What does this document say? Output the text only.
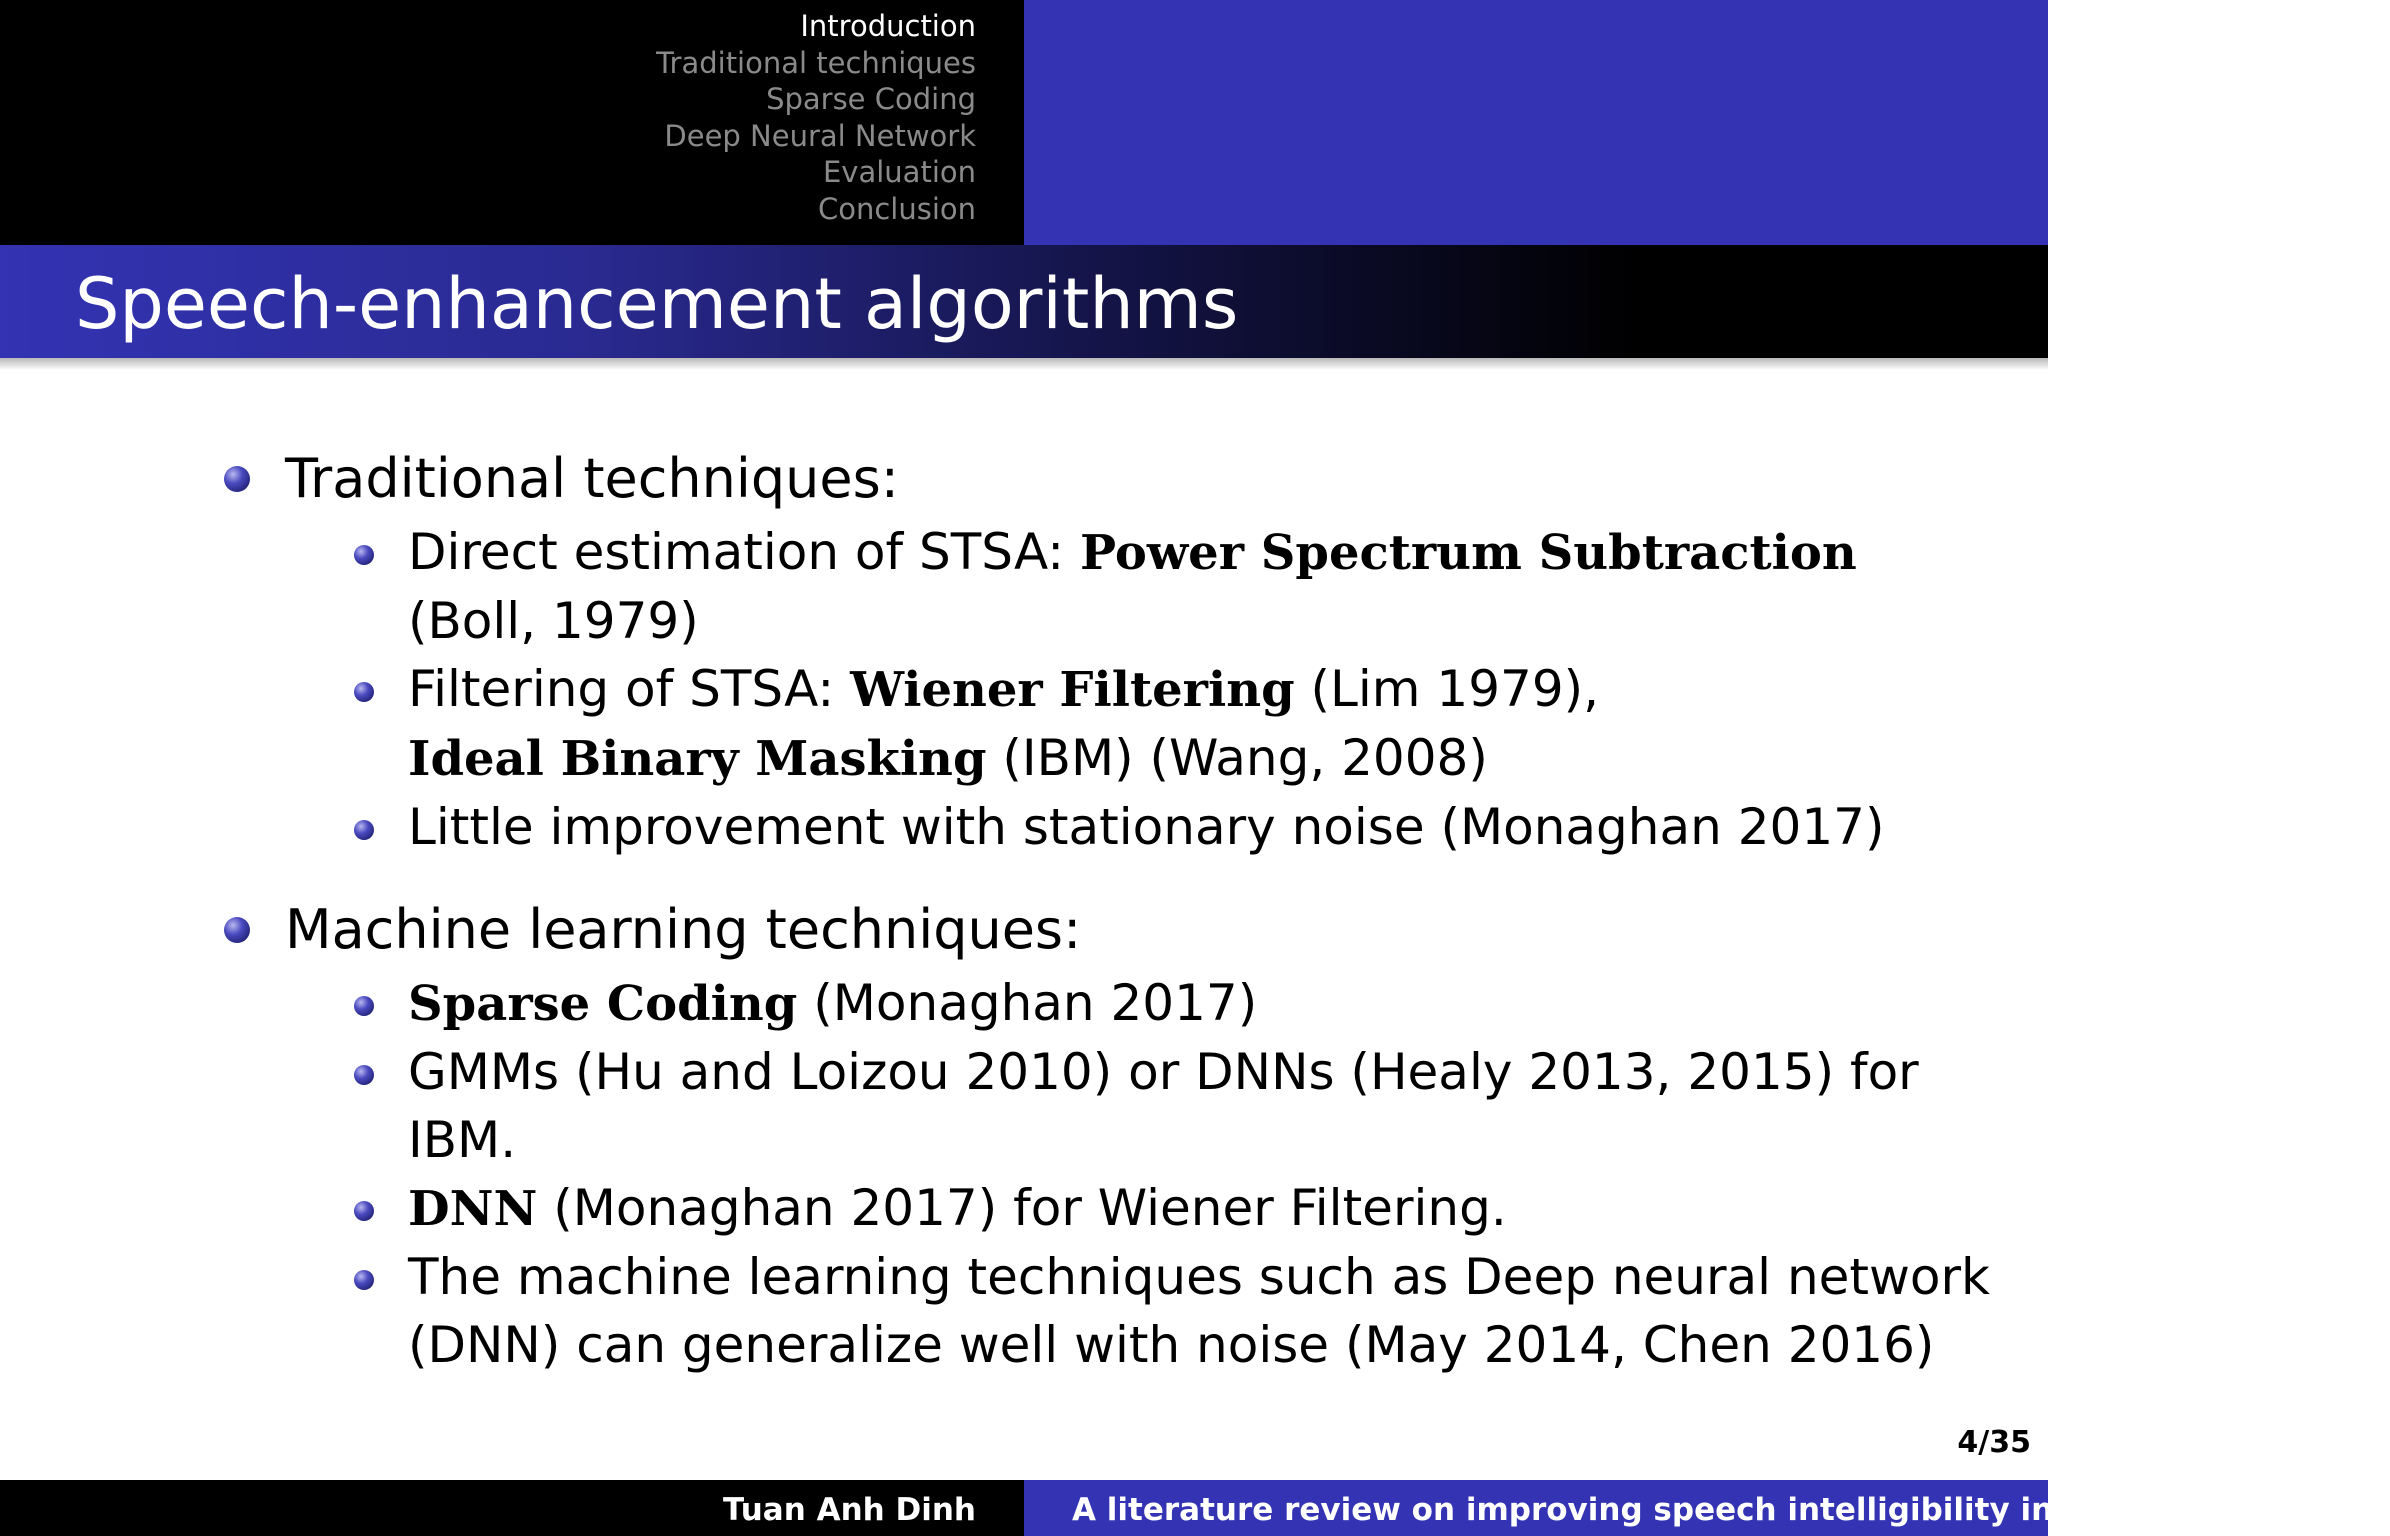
Introduction
Traditional techniques
Sparse Coding
Deep Neural Network
Evaluation
Conclusion
Speech-enhancement algorithms
Traditional techniques:
Direct estimation of STSA: Power Spectrum Subtraction
(Boll, 1979)
Filtering of STSA: Wiener Filtering (Lim 1979),
Ideal Binary Masking (IBM) (Wang, 2008)
Little improvement with stationary noise (Monaghan 2017)
Machine learning techniques:
Sparse Coding (Monaghan 2017)
GMMs (Hu and Loizou 2010) or DNNs (Healy 2013, 2015) for
IBM.
DNN (Monaghan 2017) for Wiener Filtering.
The machine learning techniques such as Deep neural network
(DNN) can generalize well with noise (May 2014, Chen 2016)
4/35
Tuan Anh Dinh	A literature review on improving speech intelligibility in noisy environment
